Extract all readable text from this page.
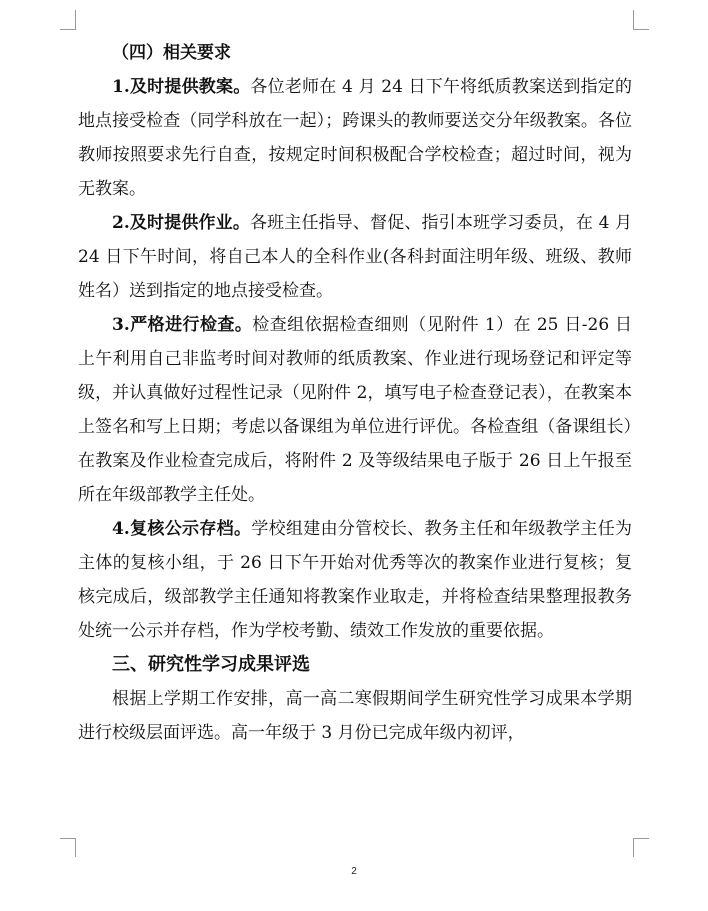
（四）相关要求

1.及时提供教案。各位老师在 4 月 24 日下午将纸质教案送到指定的地点接受检查（同学科放在一起）；跨课头的教师要送交分年级教案。各位教师按照要求先行自查，按规定时间积极配合学校检查；超过时间，视为无教案。

2.及时提供作业。各班主任指导、督促、指引本班学习委员，在 4 月 24 日下午时间，将自己本人的全科作业(各科封面注明年级、班级、教师姓名）送到指定的地点接受检查。

3.严格进行检查。检查组依据检查细则（见附件 1）在 25 日-26 日上午利用自己非监考时间对教师的纸质教案、作业进行现场登记和评定等级，并认真做好过程性记录（见附件 2，填写电子检查登记表），在教案本上签名和写上日期；考虑以备课组为单位进行评优。各检查组（备课组长）在教案及作业检查完成后，将附件 2 及等级结果电子版于 26 日上午报至所在年级部教学主任处。

4.复核公示存档。学校组建由分管校长、教务主任和年级教学主任为主体的复核小组，于 26 日下午开始对优秀等次的教案作业进行复核；复核完成后，级部教学主任通知将教案作业取走，并将检查结果整理报教务处统一公示并存档，作为学校考勤、绩效工作发放的重要依据。

三、研究性学习成果评选

根据上学期工作安排，高一高二寒假期间学生研究性学习成果本学期进行校级层面评选。高一年级于 3 月份已完成年级内初评，

2
